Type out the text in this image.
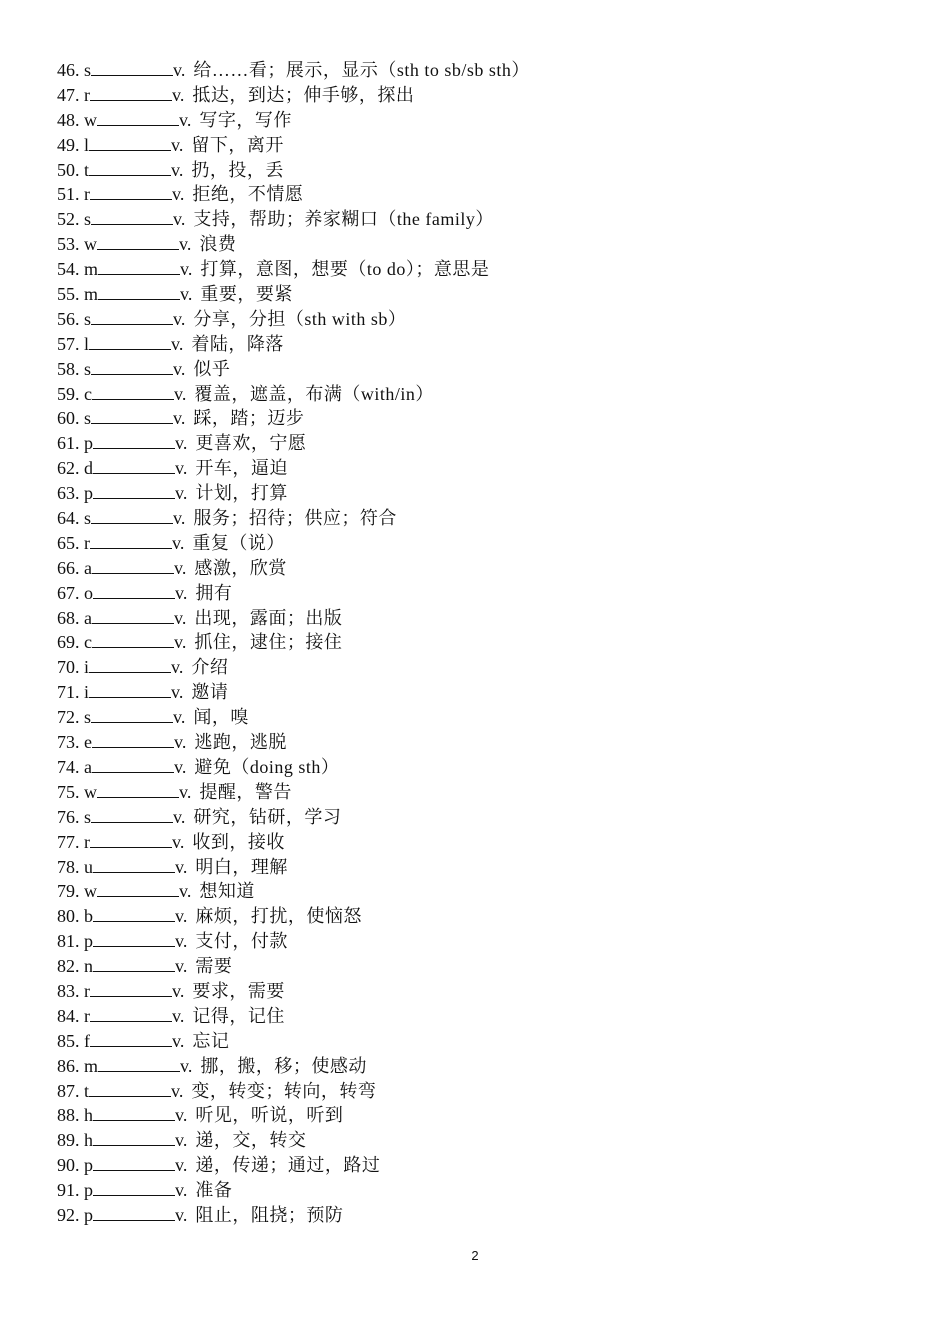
46. s	v. 给……看；展示，显示（sth to sb/sb sth）
47. r	v. 抵达，到达；伸手够，探出
48. w	v. 写字，写作
49. l	v. 留下，离开
50. t	v. 扔，投，丢
51. r	v. 拒绝，不情愿
52. s	v. 支持，帮助；养家糊口（the family）
53. w	v. 浪费
54. m	v. 打算，意图，想要（to do）；意思是
55. m	v. 重要，要紧
56. s	v. 分享，分担（sth with sb）
57. l	v. 着陆，降落
58. s	v. 似乎
59. c	v. 覆盖，遮盖，布满（with/in）
60. s	v. 踩，踏；迈步
61. p	v. 更喜欢，宁愿
62. d	v. 开车，逼迫
63. p	v. 计划，打算
64. s	v. 服务；招待；供应；符合
65. r	v. 重复（说）
66. a	v. 感激，欣赏
67. o	v. 拥有
68. a	v. 出现，露面；出版
69. c	v. 抓住，逮住；接住
70. i	v. 介绍
71. i	v. 邀请
72. s	v. 闻，嗅
73. e	v. 逃跑，逃脱
74. a	v. 避免（doing sth）
75. w	v. 提醒，警告
76. s	v. 研究，钻研，学习
77. r	v. 收到，接收
78. u	v. 明白，理解
79. w	v. 想知道
80. b	v. 麻烦，打扰，使恼怒
81. p	v. 支付，付款
82. n	v. 需要
83. r	v. 要求，需要
84. r	v. 记得，记住
85. f	v. 忘记
86. m	v. 挪，搬，移；使感动
87. t	v. 变，转变；转向，转弯
88. h	v. 听见，听说，听到
89. h	v. 递，交，转交
90. p	v. 递，传递；通过，路过
91. p	v. 准备
92. p	v. 阻止，阻挠；预防
2
